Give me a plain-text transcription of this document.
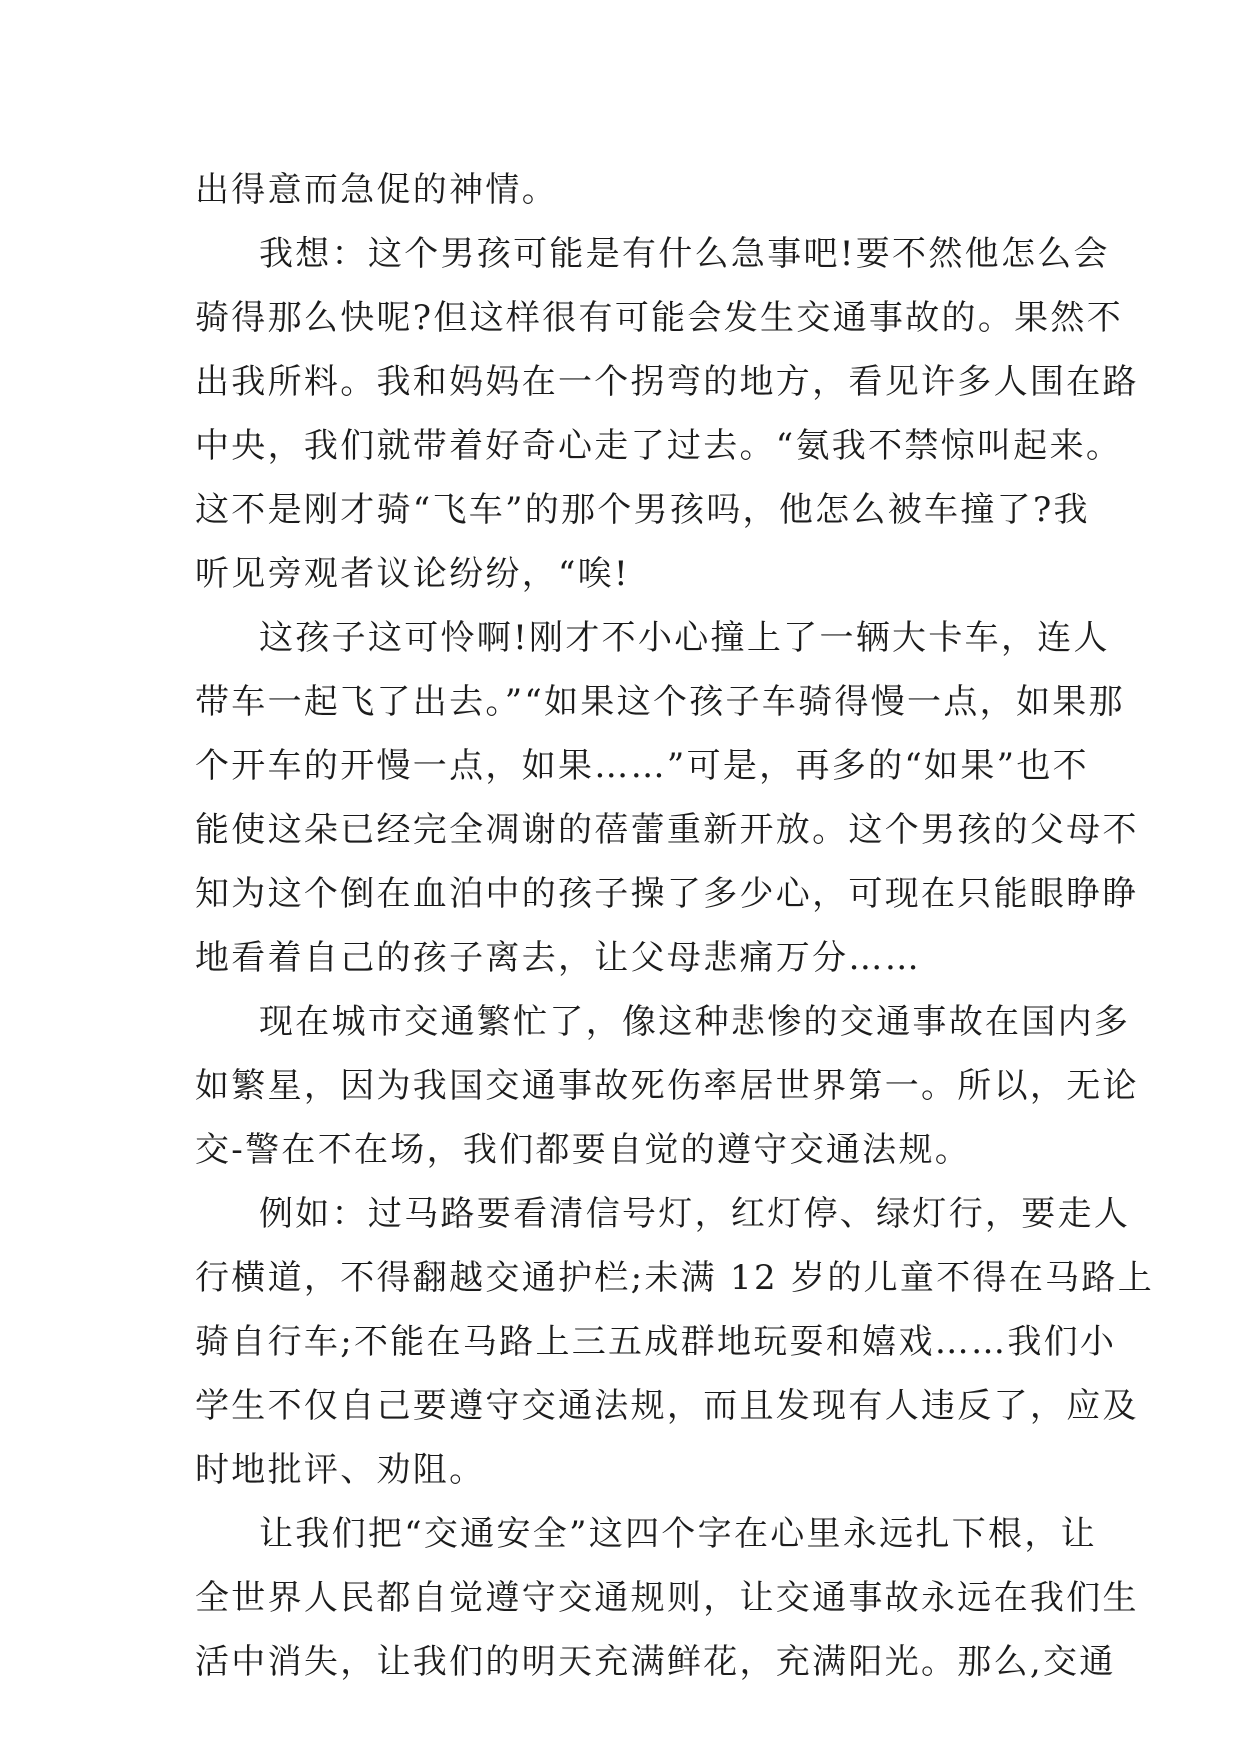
出得意而急促的神情。
我想：这个男孩可能是有什么急事吧!要不然他怎么会
骑得那么快呢?但这样很有可能会发生交通事故的。果然不
出我所料。我和妈妈在一个拐弯的地方，看见许多人围在路
中央，我们就带着好奇心走了过去。“氨我不禁惊叫起来。
这不是刚才骑“飞车”的那个男孩吗，他怎么被车撞了?我
听见旁观者议论纷纷，“唉!
这孩子这可怜啊!刚才不小心撞上了一辆大卡车，连人
带车一起飞了出去。”“如果这个孩子车骑得慢一点，如果那
个开车的开慢一点，如果……”可是，再多的“如果”也不
能使这朵已经完全凋谢的蓓蕾重新开放。这个男孩的父母不
知为这个倒在血泊中的孩子操了多少心，可现在只能眼睁睁
地看着自己的孩子离去，让父母悲痛万分……
现在城市交通繁忙了，像这种悲惨的交通事故在国内多
如繁星，因为我国交通事故死伤率居世界第一。所以，无论
交-警在不在场，我们都要自觉的遵守交通法规。
例如：过马路要看清信号灯，红灯停、绿灯行，要走人
行横道，不得翻越交通护栏;未满 12 岁的儿童不得在马路上
骑自行车;不能在马路上三五成群地玩耍和嬉戏……我们小
学生不仅自己要遵守交通法规，而且发现有人违反了，应及
时地批评、劝阻。
让我们把“交通安全”这四个字在心里永远扎下根，让
全世界人民都自觉遵守交通规则，让交通事故永远在我们生
活中消失，让我们的明天充满鲜花，充满阳光。那么,交通
